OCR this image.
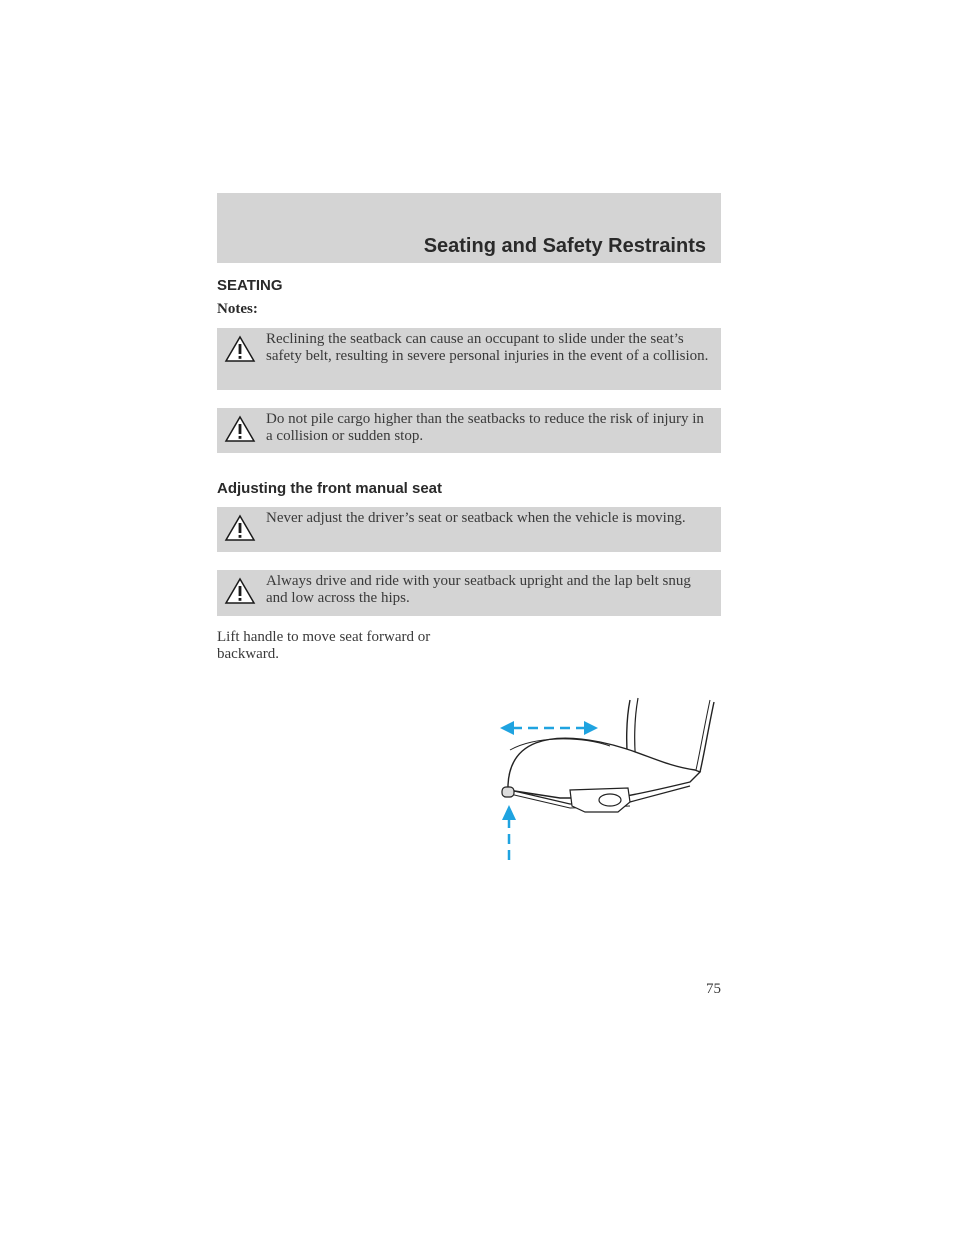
Seating and Safety Restraints
SEATING
Notes:
Reclining the seatback can cause an occupant to slide under the seat’s safety belt, resulting in severe personal injuries in the event of a collision.
Do not pile cargo higher than the seatbacks to reduce the risk of injury in a collision or sudden stop.
Adjusting the front manual seat
Never adjust the driver’s seat or seatback when the vehicle is moving.
Always drive and ride with your seatback upright and the lap belt snug and low across the hips.
Lift handle to move seat forward or backward.
75
